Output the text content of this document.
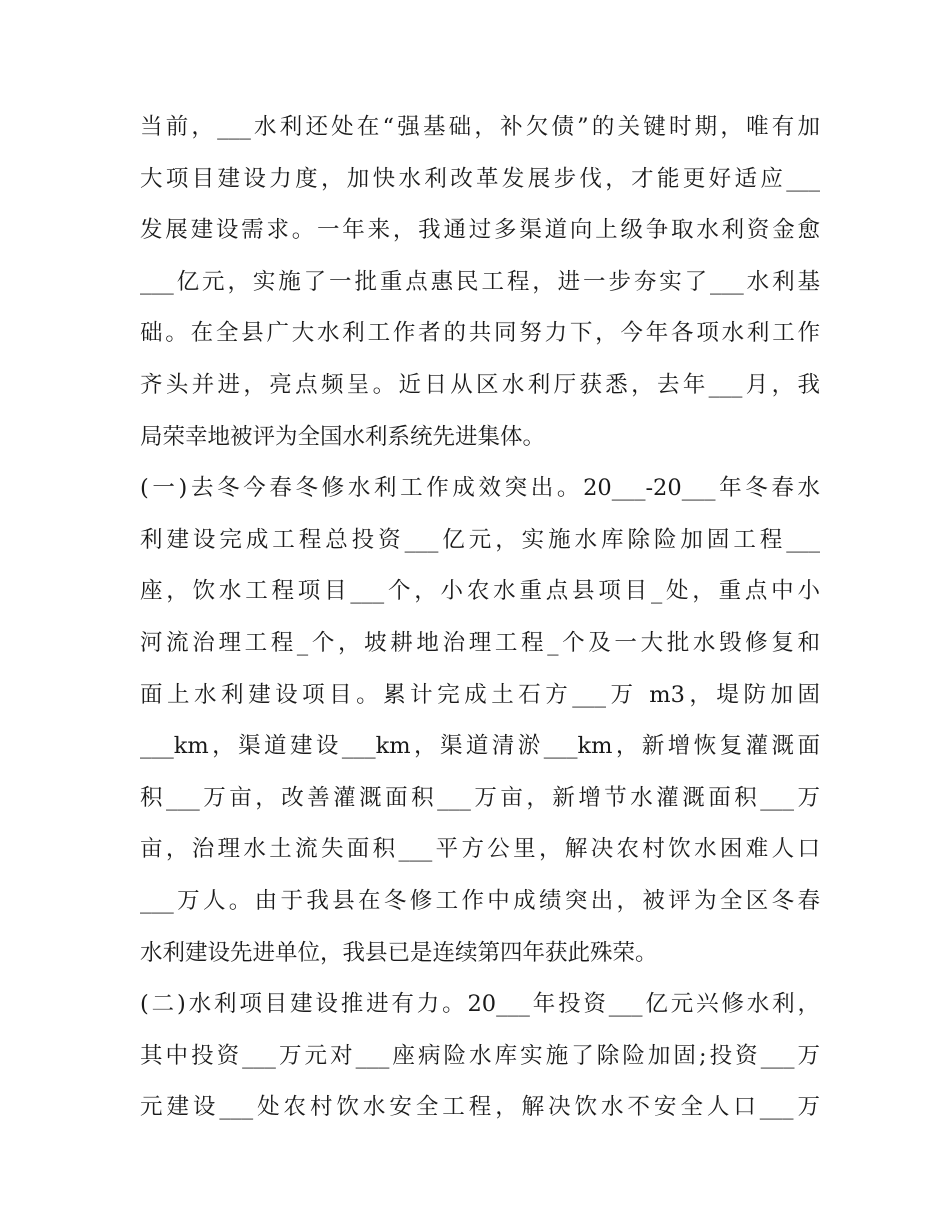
当前，___水利还处在“强基础，补欠债”的关键时期，唯有加
大项目建设力度，加快水利改革发展步伐，才能更好适应___
发展建设需求。一年来，我通过多渠道向上级争取水利资金愈
___亿元，实施了一批重点惠民工程，进一步夯实了___水利基
础。在全县广大水利工作者的共同努力下，今年各项水利工作
齐头并进，亮点频呈。近日从区水利厅获悉，去年___月，我
局荣幸地被评为全国水利系统先进集体。
(一)去冬今春冬修水利工作成效突出。20___-20___年冬春水
利建设完成工程总投资___亿元，实施水库除险加固工程___
座，饮水工程项目___个，小农水重点县项目_处，重点中小
河流治理工程_个，坡耕地治理工程_个及一大批水毁修复和
面上水利建设项目。累计完成土石方___万 m3，堤防加固
___km，渠道建设___km，渠道清淤___km，新增恢复灌溉面
积___万亩，改善灌溉面积___万亩，新增节水灌溉面积___万
亩，治理水土流失面积___平方公里，解决农村饮水困难人口
___万人。由于我县在冬修工作中成绩突出，被评为全区冬春
水利建设先进单位，我县已是连续第四年获此殊荣。
(二)水利项目建设推进有力。20___年投资___亿元兴修水利，
其中投资___万元对___座病险水库实施了除险加固;投资___万
元建设___处农村饮水安全工程，解决饮水不安全人口___万
